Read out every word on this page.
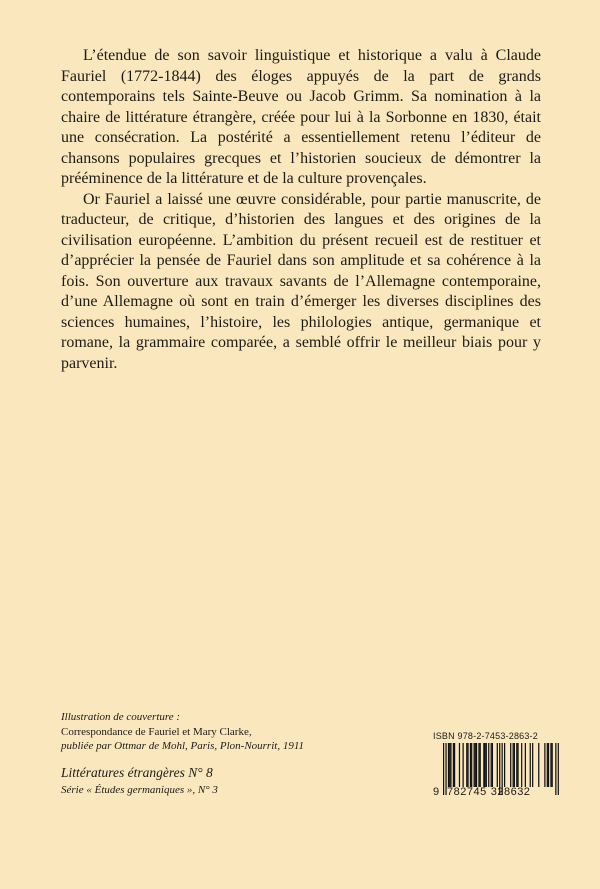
L’étendue de son savoir linguistique et historique a valu à Claude Fauriel (1772-1844) des éloges appuyés de la part de grands contemporains tels Sainte-Beuve ou Jacob Grimm. Sa nomination à la chaire de littérature étrangère, créée pour lui à la Sorbonne en 1830, était une consécration. La postérité a essentiellement retenu l’éditeur de chansons populaires grecques et l’historien soucieux de démontrer la prééminence de la littérature et de la culture provençales.

Or Fauriel a laissé une œuvre considérable, pour partie manuscrite, de traducteur, de critique, d’historien des langues et des origines de la civilisation européenne. L’ambition du présent recueil est de restituer et d’apprécier la pensée de Fauriel dans son amplitude et sa cohérence à la fois. Son ouverture aux travaux savants de l’Allemagne contemporaine, d’une Allemagne où sont en train d’émerger les diverses disciplines des sciences humaines, l’histoire, les philologies antique, germanique et romane, la grammaire comparée, a semblé offrir le meilleur biais pour y parvenir.

Illustration de couverture :
Correspondance de Fauriel et Mary Clarke,
publiée par Ottmar de Mohl, Paris, Plon-Nourrit, 1911
Littératures étrangères N° 8
Série « Études germaniques », N° 3
ISBN 978-2-7453-2863-2
9 782745 328632
